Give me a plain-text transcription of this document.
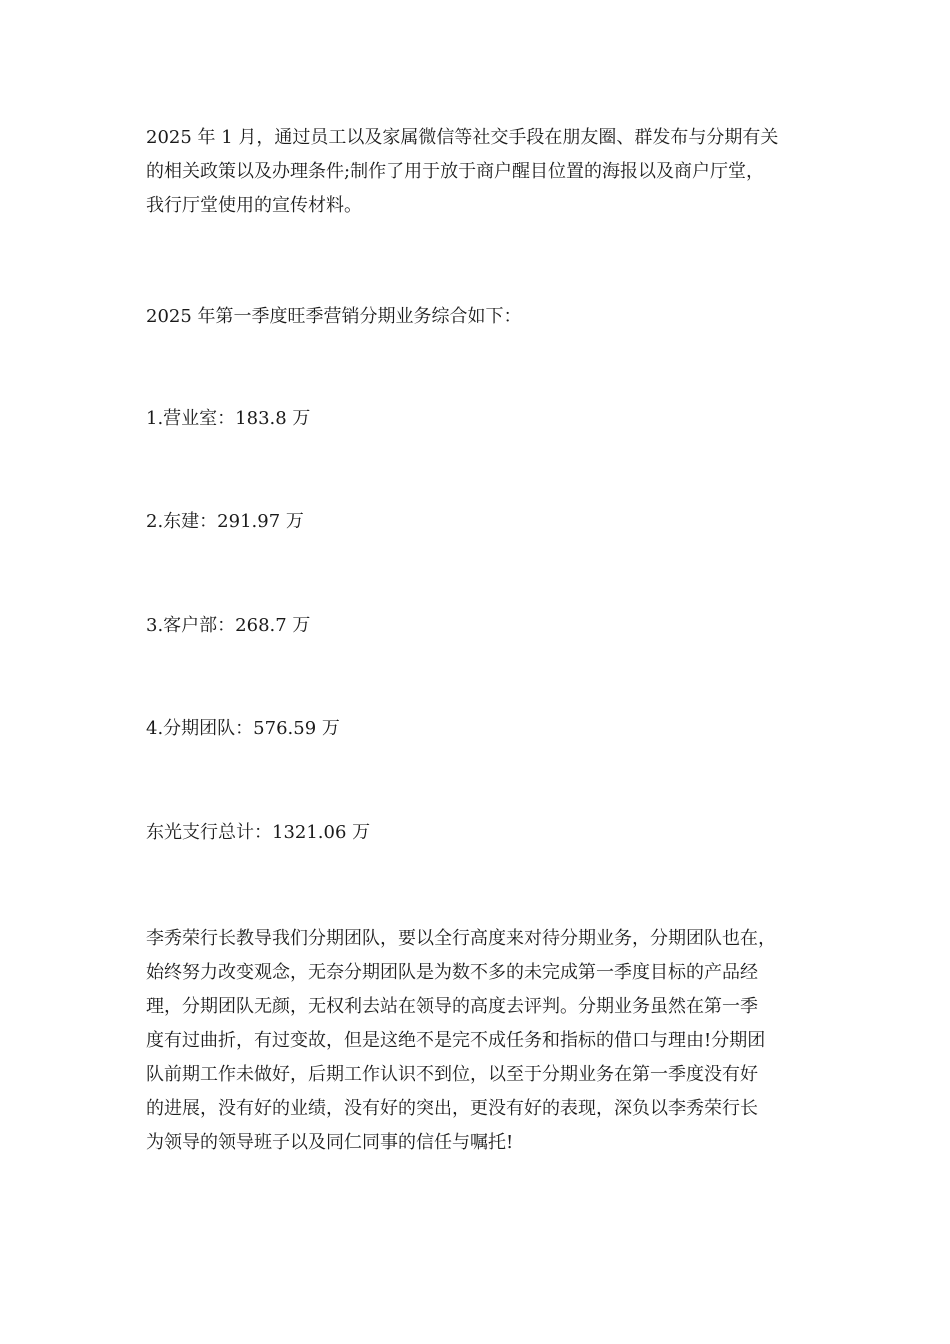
2025 年 1 月，通过员工以及家属微信等社交手段在朋友圈、群发布与分期有关
的相关政策以及办理条件;制作了用于放于商户醒目位置的海报以及商户厅堂，
我行厅堂使用的宣传材料。

2025 年第一季度旺季营销分期业务综合如下：

1.营业室：183.8 万

2.东建：291.97 万

3.客户部：268.7 万

4.分期团队：576.59 万

东光支行总计：1321.06 万

李秀荣行长教导我们分期团队，要以全行高度来对待分期业务，分期团队也在，
始终努力改变观念，无奈分期团队是为数不多的未完成第一季度目标的产品经
理，分期团队无颜，无权利去站在领导的高度去评判。分期业务虽然在第一季
度有过曲折，有过变故，但是这绝不是完不成任务和指标的借口与理由!分期团
队前期工作未做好，后期工作认识不到位，以至于分期业务在第一季度没有好
的进展，没有好的业绩，没有好的突出，更没有好的表现，深负以李秀荣行长
为领导的领导班子以及同仁同事的信任与嘱托!
